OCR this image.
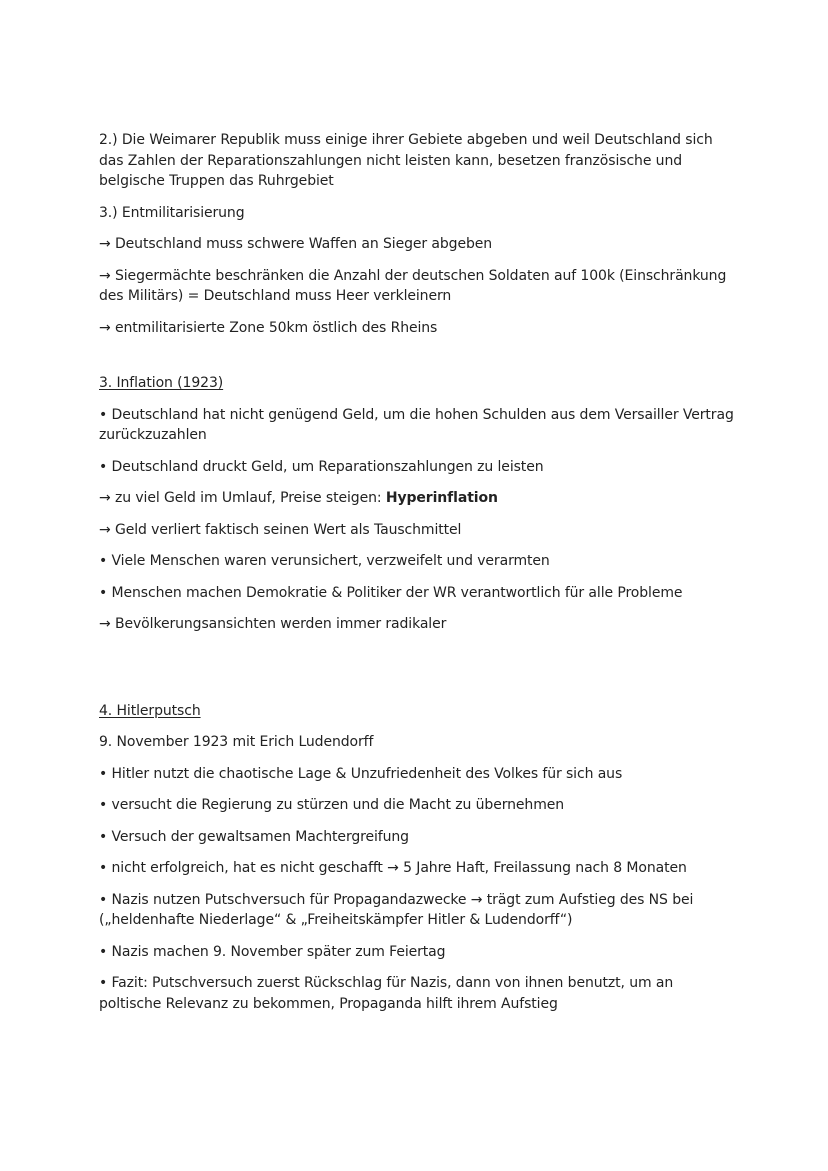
2.) Die Weimarer Republik muss einige ihrer Gebiete abgeben und weil Deutschland sich das Zahlen der Reparationszahlungen nicht leisten kann, besetzen französische und belgische Truppen das Ruhrgebiet

3.) Entmilitarisierung

→ Deutschland muss schwere Waffen an Sieger abgeben

→ Siegermächte beschränken die Anzahl der deutschen Soldaten auf 100k (Einschränkung des Militärs) = Deutschland muss Heer verkleinern

→ entmilitarisierte Zone 50km östlich des Rheins

3. Inflation (1923)

• Deutschland hat nicht genügend Geld, um die hohen Schulden aus dem Versailler Vertrag zurückzuzahlen

• Deutschland druckt Geld, um Reparationszahlungen zu leisten

→ zu viel Geld im Umlauf, Preise steigen: Hyperinflation

→ Geld verliert faktisch seinen Wert als Tauschmittel

• Viele Menschen waren verunsichert, verzweifelt und verarmten

• Menschen machen Demokratie & Politiker der WR verantwortlich für alle Probleme

→ Bevölkerungsansichten werden immer radikaler

4. Hitlerputsch

9. November 1923 mit Erich Ludendorff

• Hitler nutzt die chaotische Lage & Unzufriedenheit des Volkes für sich aus

• versucht die Regierung zu stürzen und die Macht zu übernehmen

• Versuch der gewaltsamen Machtergreifung

• nicht erfolgreich, hat es nicht geschafft → 5 Jahre Haft, Freilassung nach 8 Monaten

• Nazis nutzen Putschversuch für Propagandazwecke → trägt zum Aufstieg des NS bei („heldenhafte Niederlage“ & „Freiheitskämpfer Hitler & Ludendorff“)

• Nazis machen 9. November später zum Feiertag

• Fazit: Putschversuch zuerst Rückschlag für Nazis, dann von ihnen benutzt, um an poltische Relevanz zu bekommen, Propaganda hilft ihrem Aufstieg
